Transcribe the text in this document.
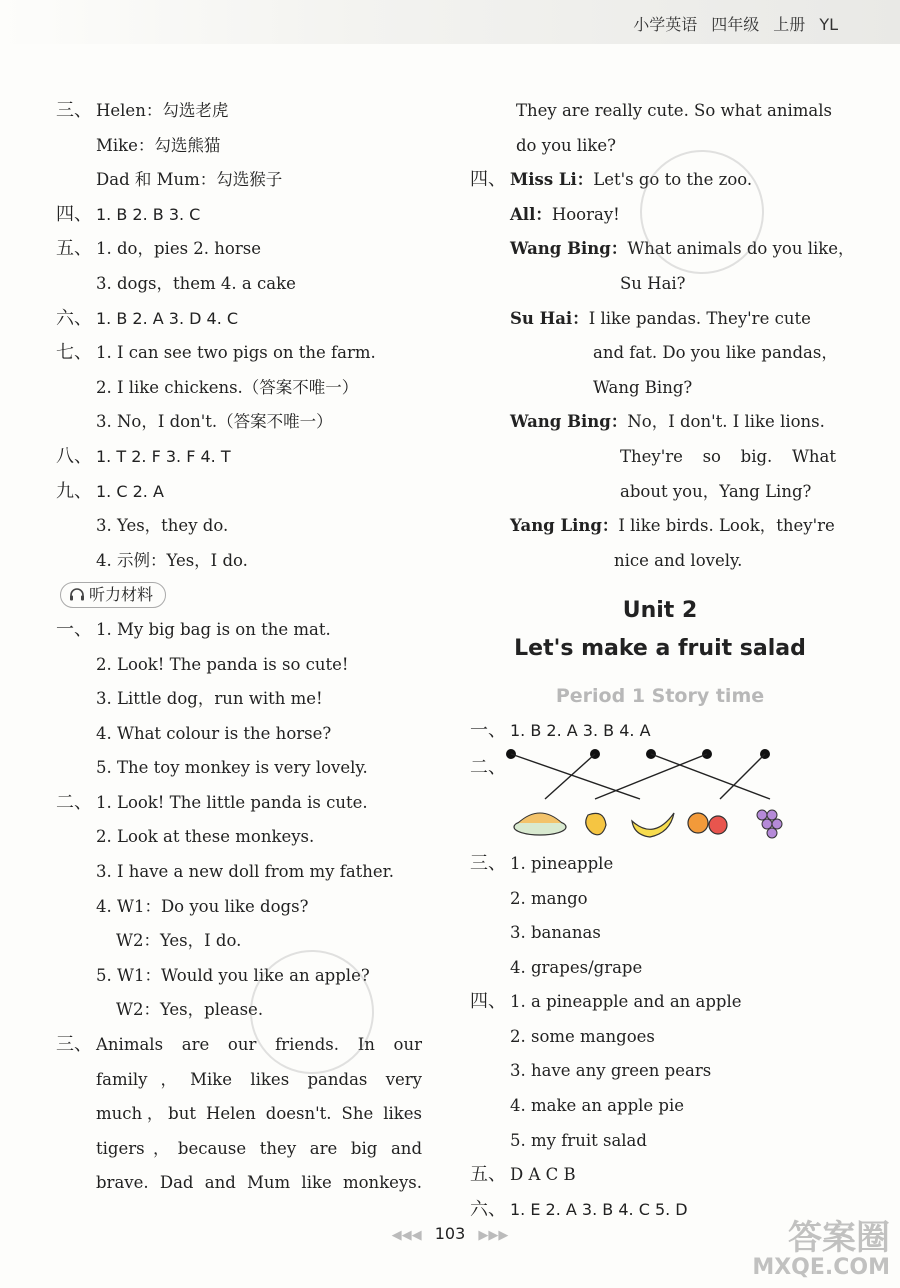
小学英语 四年级 上册 YL
三、 Helen：勾选老虎
Mike：勾选熊猫
Dad 和 Mum：勾选猴子
四、 1. B 2. B 3. C
五、 1. do，pies 2. horse
3. dogs，them 4. a cake
六、 1. B 2. A 3. D 4. C
七、 1. I can see two pigs on the farm.
2. I like chickens.（答案不唯一）
3. No，I don't.（答案不唯一）
八、 1. T 2. F 3. F 4. T
九、 1. C 2. A
3. Yes，they do.
4. 示例：Yes，I do.
听力材料
一、 1. My big bag is on the mat.
2. Look! The panda is so cute!
3. Little dog，run with me!
4. What colour is the horse?
5. The toy monkey is very lovely.
二、 1. Look! The little panda is cute.
2. Look at these monkeys.
3. I have a new doll from my father.
4. W1：Do you like dogs?
W2：Yes，I do.
5. W1：Would you like an apple?
W2：Yes，please.
三、 Animals are our friends. In our
family，Mike likes pandas very
much，but Helen doesn't. She likes
tigers，because they are big and
brave. Dad and Mum like monkeys.
They are really cute. So what animals
do you like?
四、 Miss Li：Let's go to the zoo.
All：Hooray!
Wang Bing：What animals do you like，
Su Hai?
Su Hai：I like pandas. They're cute
and fat. Do you like pandas，
Wang Bing?
Wang Bing：No，I don't. I like lions.
They're so big. What
about you，Yang Ling?
Yang Ling：I like birds. Look，they're
nice and lovely.
Unit 2
Let's make a fruit salad
Period 1 Story time
一、 1. B 2. A 3. B 4. A
二、
三、 1. pineapple
2. mango
3. bananas
4. grapes/grape
四、 1. a pineapple and an apple
2. some mangoes
3. have any green pears
4. make an apple pie
5. my fruit salad
五、 D A C B
六、 1. E 2. A 3. B 4. C 5. D
◀◀◀ 103 ▶▶▶	答案圈
MXQE.COM
